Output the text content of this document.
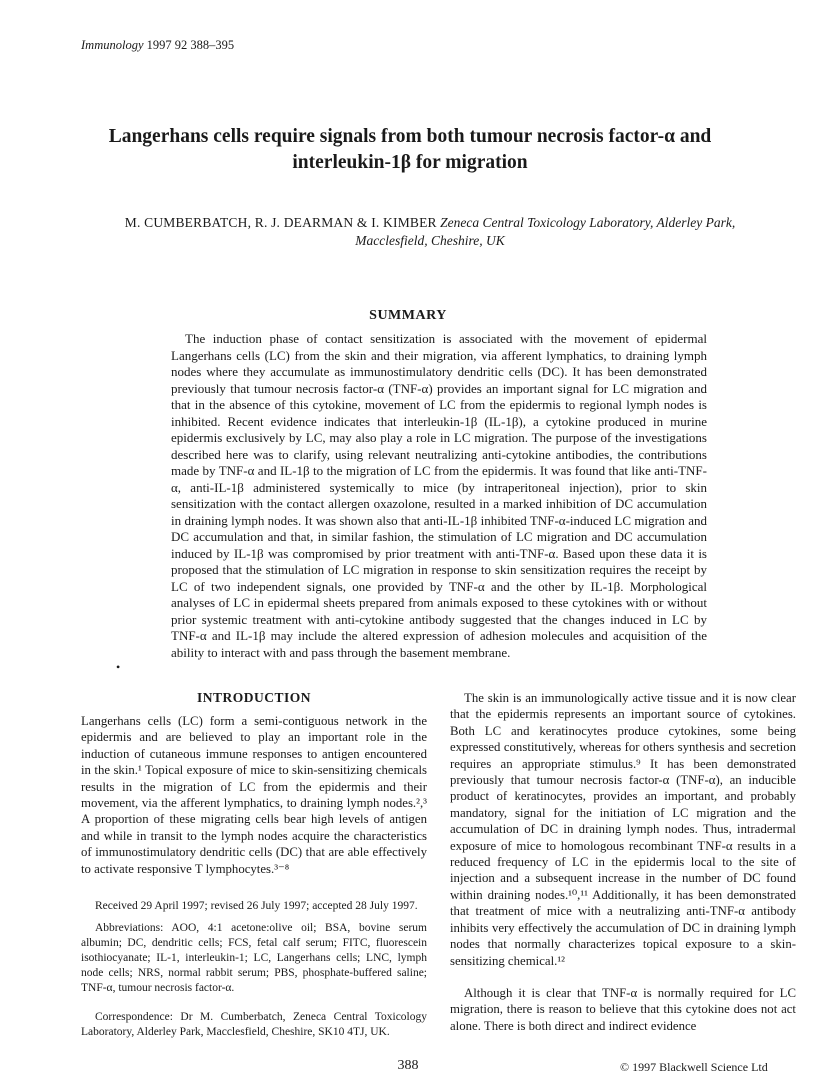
Immunology 1997 92 388–395
Langerhans cells require signals from both tumour necrosis factor-α and interleukin-1β for migration
M. CUMBERBATCH, R. J. DEARMAN & I. KIMBER Zeneca Central Toxicology Laboratory, Alderley Park, Macclesfield, Cheshire, UK
SUMMARY

The induction phase of contact sensitization is associated with the movement of epidermal Langerhans cells (LC) from the skin and their migration, via afferent lymphatics, to draining lymph nodes where they accumulate as immunostimulatory dendritic cells (DC). It has been demonstrated previously that tumour necrosis factor-α (TNF-α) provides an important signal for LC migration and that in the absence of this cytokine, movement of LC from the epidermis to regional lymph nodes is inhibited. Recent evidence indicates that interleukin-1β (IL-1β), a cytokine produced in murine epidermis exclusively by LC, may also play a role in LC migration. The purpose of the investigations described here was to clarify, using relevant neutralizing anti-cytokine antibodies, the contributions made by TNF-α and IL-1β to the migration of LC from the epidermis. It was found that like anti-TNF-α, anti-IL-1β administered systemically to mice (by intraperitoneal injection), prior to skin sensitization with the contact allergen oxazolone, resulted in a marked inhibition of DC accumulation in draining lymph nodes. It was shown also that anti-IL-1β inhibited TNF-α-induced LC migration and DC accumulation and that, in similar fashion, the stimulation of LC migration and DC accumulation induced by IL-1β was compromised by prior treatment with anti-TNF-α. Based upon these data it is proposed that the stimulation of LC migration in response to skin sensitization requires the receipt by LC of two independent signals, one provided by TNF-α and the other by IL-1β. Morphological analyses of LC in epidermal sheets prepared from animals exposed to these cytokines with or without prior systemic treatment with anti-cytokine antibody suggested that the changes induced in LC by TNF-α and IL-1β may include the altered expression of adhesion molecules and acquisition of the ability to interact with and pass through the basement membrane.

•
INTRODUCTION

Langerhans cells (LC) form a semi-contiguous network in the epidermis and are believed to play an important role in the induction of cutaneous immune responses to antigen encountered in the skin.¹ Topical exposure of mice to skin-sensitizing chemicals results in the migration of LC from the epidermis and their movement, via the afferent lymphatics, to draining lymph nodes.²,³ A proportion of these migrating cells bear high levels of antigen and while in transit to the lymph nodes acquire the characteristics of immunostimulatory dendritic cells (DC) that are able effectively to activate responsive T lymphocytes.³⁻⁸

Received 29 April 1997; revised 26 July 1997; accepted 28 July 1997.

Abbreviations: AOO, 4:1 acetone:olive oil; BSA, bovine serum albumin; DC, dendritic cells; FCS, fetal calf serum; FITC, fluorescein isothiocyanate; IL-1, interleukin-1; LC, Langerhans cells; LNC, lymph node cells; NRS, normal rabbit serum; PBS, phosphate-buffered saline; TNF-α, tumour necrosis factor-α.

Correspondence: Dr M. Cumberbatch, Zeneca Central Toxicology Laboratory, Alderley Park, Macclesfield, Cheshire, SK10 4TJ, UK.

The skin is an immunologically active tissue and it is now clear that the epidermis represents an important source of cytokines. Both LC and keratinocytes produce cytokines, some being expressed constitutively, whereas for others synthesis and secretion requires an appropriate stimulus.⁹ It has been demonstrated previously that tumour necrosis factor-α (TNF-α), an inducible product of keratinocytes, provides an important, and probably mandatory, signal for the initiation of LC migration and the accumulation of DC in draining lymph nodes. Thus, intradermal exposure of mice to homologous recombinant TNF-α results in a reduced frequency of LC in the epidermis local to the site of injection and a subsequent increase in the number of DC found within draining nodes.¹⁰,¹¹ Additionally, it has been demonstrated that treatment of mice with a neutralizing anti-TNF-α antibody inhibits very effectively the accumulation of DC in draining lymph nodes that normally characterizes topical exposure to a skin-sensitizing chemical.¹²

Although it is clear that TNF-α is normally required for LC migration, there is reason to believe that this cytokine does not act alone. There is both direct and indirect evidence

388	© 1997 Blackwell Science Ltd
